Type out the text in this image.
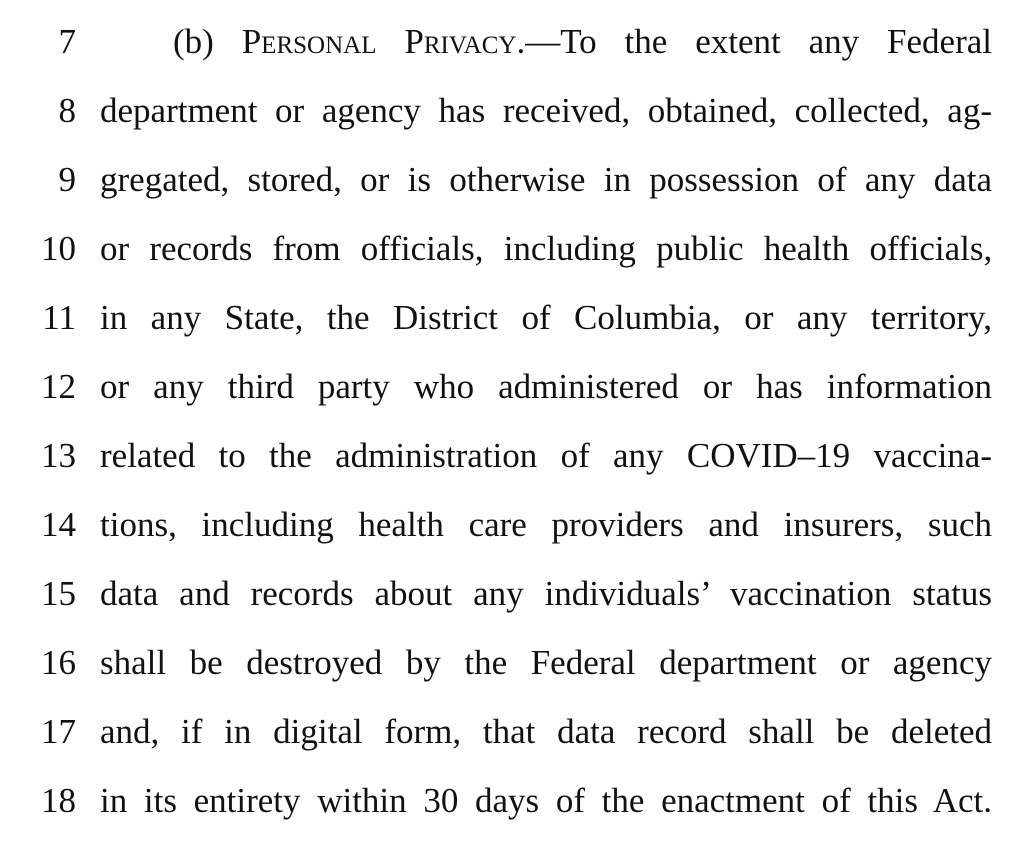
7	(b) Personal Privacy.—To the extent any Federal
8 department or agency has received, obtained, collected, ag-
9 gregated, stored, or is otherwise in possession of any data
10 or records from officials, including public health officials,
11 in any State, the District of Columbia, or any territory,
12 or any third party who administered or has information
13 related to the administration of any COVID–19 vaccina-
14 tions, including health care providers and insurers, such
15 data and records about any individuals’ vaccination status
16 shall be destroyed by the Federal department or agency
17 and, if in digital form, that data record shall be deleted
18 in its entirety within 30 days of the enactment of this Act.
